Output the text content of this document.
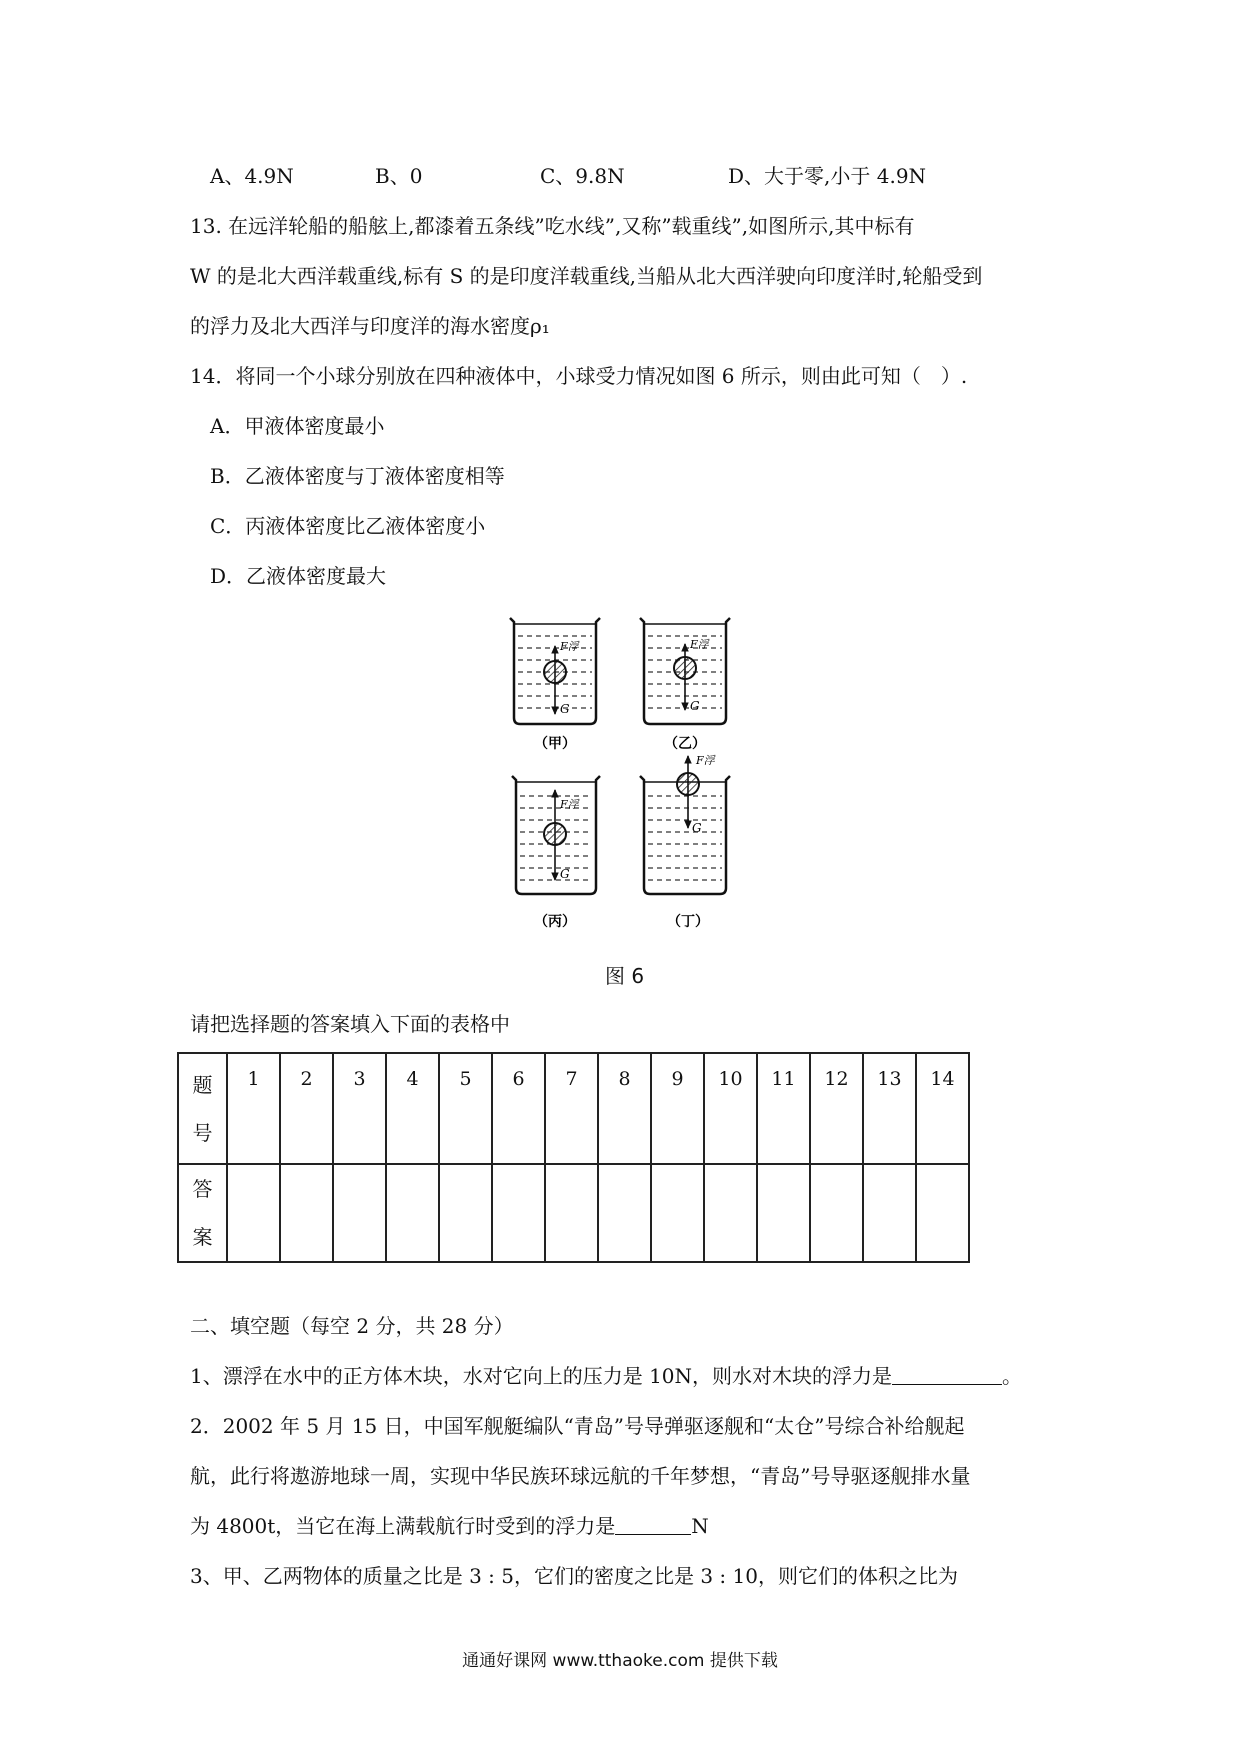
A、4.9N	B、0	C、9.8N	D、大于零,小于 4.9N
13. 在远洋轮船的船舷上,都漆着五条线”吃水线”,又称”载重线”,如图所示,其中标有
W 的是北大西洋载重线,标有 S 的是印度洋载重线,当船从北大西洋驶向印度洋时,轮船受到
的浮力及北大西洋与印度洋的海水密度ρ₁
14．将同一个小球分别放在四种液体中，小球受力情况如图 6 所示，则由此可知（　）.
A．甲液体密度最小
B．乙液体密度与丁液体密度相等
C．丙液体密度比乙液体密度小
D．乙液体密度最大
F浮
G
（甲）
F浮
G
（乙）
F浮
G
（丙）
F浮
G
（丁）
图 6
请把选择题的答案填入下面的表格中
题
号	1	2	3	4	5	6	7	8	9	10	11	12	13	14

答
案														

二、填空题（每空 2 分，共 28 分）
1、漂浮在水中的正方体木块，水对它向上的压力是 10N，则水对木块的浮力是	。
2．2002 年 5 月 15 日，中国军舰艇编队“青岛”号导弹驱逐舰和“太仓”号综合补给舰起
航，此行将遨游地球一周，实现中华民族环球远航的千年梦想，“青岛”号导驱逐舰排水量
为 4800t，当它在海上满载航行时受到的浮力是	N
3、甲、乙两物体的质量之比是 3 : 5，它们的密度之比是 3 : 10，则它们的体积之比为
通通好课网 www.tthaoke.com 提供下载
